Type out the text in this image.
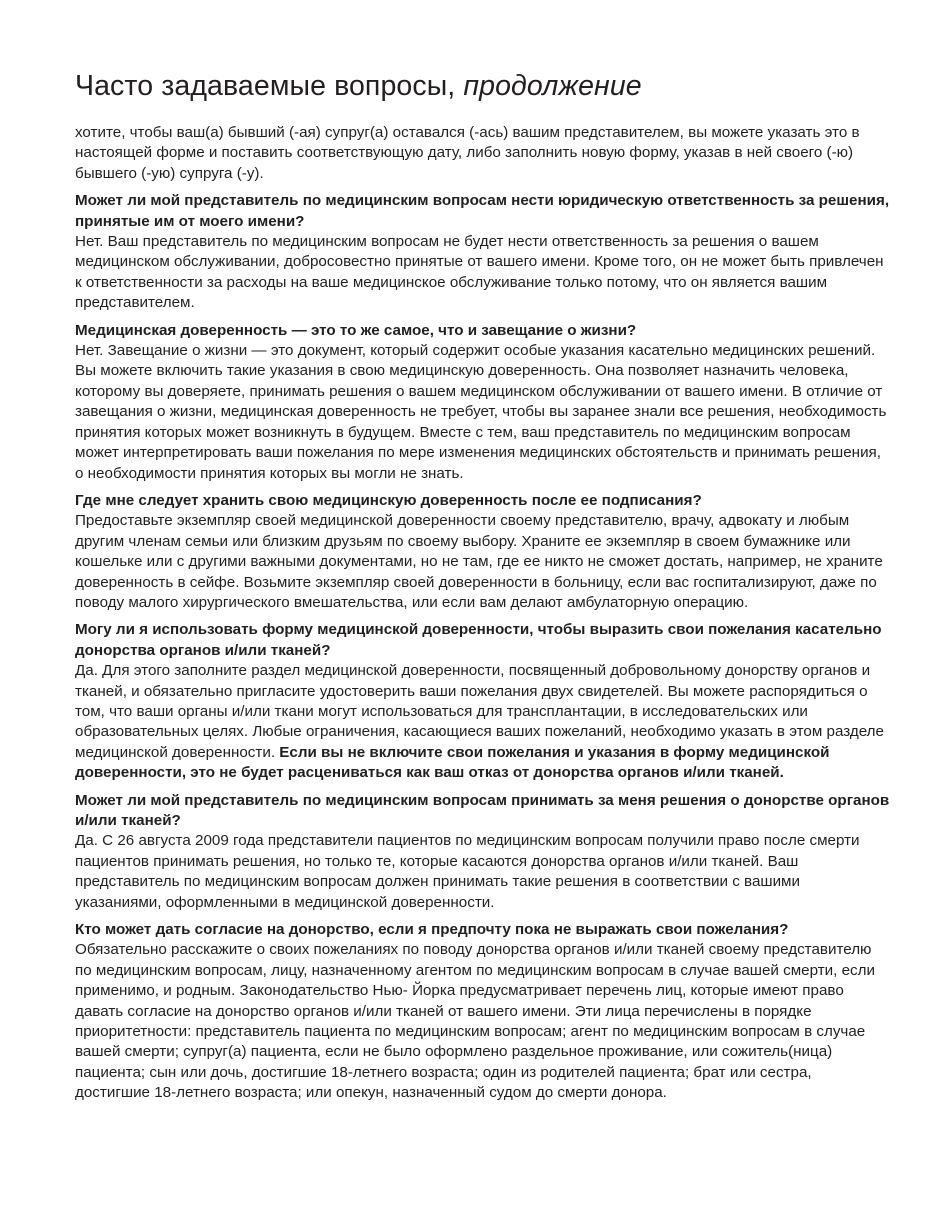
Часто задаваемые вопросы, продолжение

хотите, чтобы ваш(а) бывший (-ая) супруг(а) оставался (-ась) вашим представителем, вы можете указать это в настоящей форме и поставить соответствующую дату, либо заполнить новую форму, указав в ней своего (-ю) бывшего (-ую) супруга (-у).

Может ли мой представитель по медицинским вопросам нести юридическую ответственность за решения, принятые им от моего имени?

Нет. Ваш представитель по медицинским вопросам не будет нести ответственность за решения о вашем медицинском обслуживании, добросовестно принятые от вашего имени. Кроме того, он не может быть привлечен к ответственности за расходы на ваше медицинское обслуживание только потому, что он является вашим представителем.

Медицинская доверенность — это то же самое, что и завещание о жизни?

Нет. Завещание о жизни — это документ, который содержит особые указания касательно медицинских решений. Вы можете включить такие указания в свою медицинскую доверенность. Она позволяет назначить человека, которому вы доверяете, принимать решения о вашем медицинском обслуживании от вашего имени. В отличие от завещания о жизни, медицинская доверенность не требует, чтобы вы заранее знали все решения, необходимость принятия которых может возникнуть в будущем. Вместе с тем, ваш представитель по медицинским вопросам может интерпретировать ваши пожелания по мере изменения медицинских обстоятельств и принимать решения, о необходимости принятия которых вы могли не знать.

Где мне следует хранить свою медицинскую доверенность после ее подписания?

Предоставьте экземпляр своей медицинской доверенности своему представителю, врачу, адвокату и любым другим членам семьи или близким друзьям по своему выбору. Храните ее экземпляр в своем бумажнике или кошельке или с другими важными документами, но не там, где ее никто не сможет достать, например, не храните доверенность в сейфе. Возьмите экземпляр своей доверенности в больницу, если вас госпитализируют, даже по поводу малого хирургического вмешательства, или если вам делают амбулаторную операцию.

Могу ли я использовать форму медицинской доверенности, чтобы выразить свои пожелания касательно донорства органов и/или тканей?

Да. Для этого заполните раздел медицинской доверенности, посвященный добровольному донорству органов и тканей, и обязательно пригласите удостоверить ваши пожелания двух свидетелей. Вы можете распорядиться о том, что ваши органы и/или ткани могут использоваться для трансплантации, в исследовательских или образовательных целях. Любые ограничения, касающиеся ваших пожеланий, необходимо указать в этом разделе медицинской доверенности. Если вы не включите свои пожелания и указания в форму медицинской доверенности, это не будет расцениваться как ваш отказ от донорства органов и/или тканей.

Может ли мой представитель по медицинским вопросам принимать за меня решения о донорстве органов и/или тканей?

Да. С 26 августа 2009 года представители пациентов по медицинским вопросам получили право после смерти пациентов принимать решения, но только те, которые касаются донорства органов и/или тканей. Ваш представитель по медицинским вопросам должен принимать такие решения в соответствии с вашими указаниями, оформленными в медицинской доверенности.

Кто может дать согласие на донорство, если я предпочту пока не выражать свои пожелания?

Обязательно расскажите о своих пожеланиях по поводу донорства органов и/или тканей своему представителю по медицинским вопросам, лицу, назначенному агентом по медицинским вопросам в случае вашей смерти, если применимо, и родным. Законодательство Нью- Йорка предусматривает перечень лиц, которые имеют право давать согласие на донорство органов и/или тканей от вашего имени. Эти лица перечислены в порядке приоритетности: представитель пациента по медицинским вопросам; агент по медицинским вопросам в случае вашей смерти; супруг(а) пациента, если не было оформлено раздельное проживание, или сожитель(ница) пациента; сын или дочь, достигшие 18-летнего возраста; один из родителей пациента; брат или сестра, достигшие 18-летнего возраста; или опекун, назначенный судом до смерти донора.
